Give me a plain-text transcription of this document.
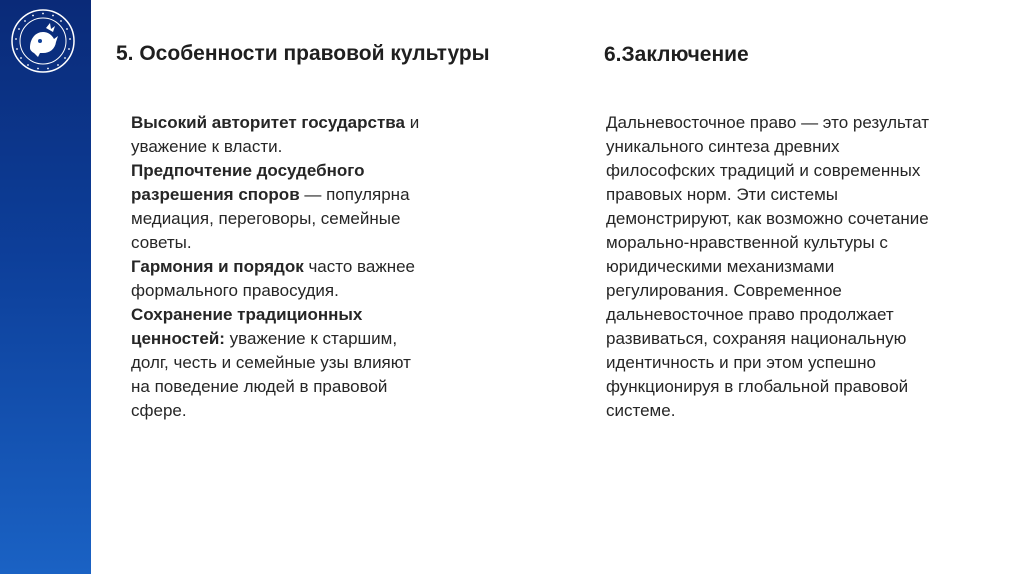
5. Особенности правовой культуры	6.Заключение

Высокий авторитет государства и уважение к власти.

Предпочтение досудебного разрешения споров — популярна медиация, переговоры, семейные советы.

Гармония и порядок часто важнее формального правосудия.

Сохранение традиционных ценностей: уважение к старшим, долг, честь и семейные узы влияют на поведение людей в правовой сфере.

Дальневосточное право — это результат уникального синтеза древних философских традиций и современных правовых норм. Эти системы демонстрируют, как возможно сочетание морально-нравственной культуры с юридическими механизмами регулирования. Современное дальневосточное право продолжает развиваться, сохраняя национальную идентичность и при этом успешно функционируя в глобальной правовой системе.
